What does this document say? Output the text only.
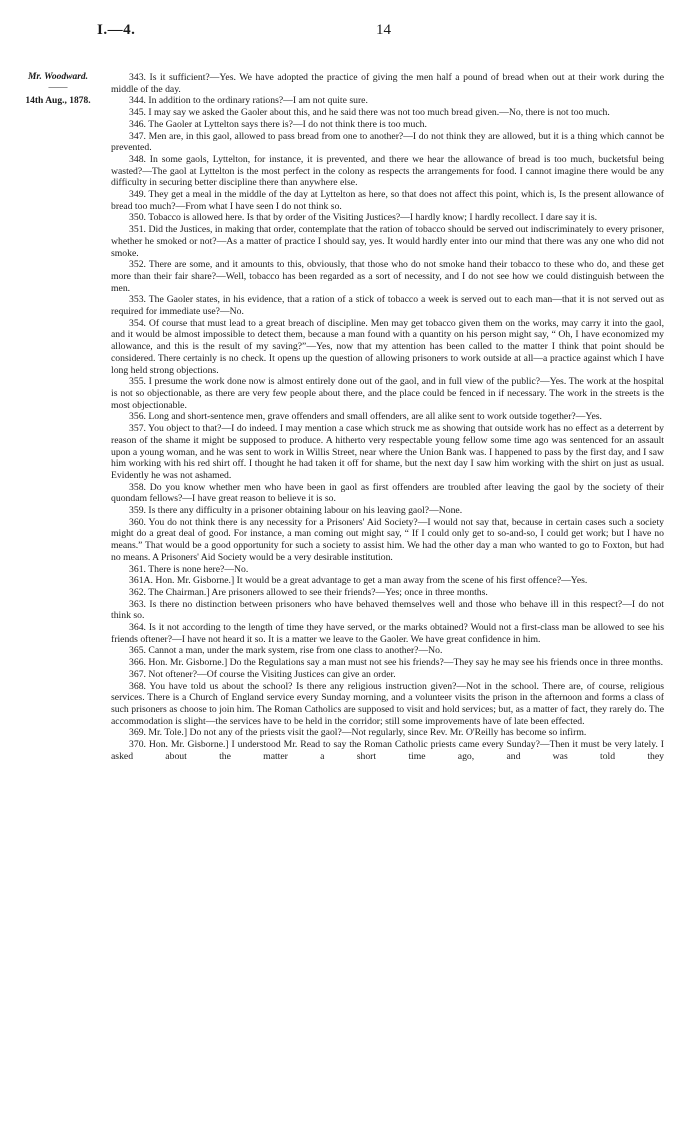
I.—4.	14
Mr. Woodward.
——
14th Aug., 1878.

343. Is it sufficient?—Yes. We have adopted the practice of giving the men half a pound of bread when out at their work during the middle of the day.

344. In addition to the ordinary rations?—I am not quite sure.

345. I may say we asked the Gaoler about this, and he said there was not too much bread given.—No, there is not too much.

346. The Gaoler at Lyttelton says there is?—I do not think there is too much.

347. Men are, in this gaol, allowed to pass bread from one to another?—I do not think they are allowed, but it is a thing which cannot be prevented.

348. In some gaols, Lyttelton, for instance, it is prevented, and there we hear the allowance of bread is too much, bucketsful being wasted?—The gaol at Lyttelton is the most perfect in the colony as respects the arrangements for food. I cannot imagine there would be any difficulty in securing better discipline there than anywhere else.

349. They get a meal in the middle of the day at Lyttelton as here, so that does not affect this point, which is, Is the present allowance of bread too much?—From what I have seen I do not think so.

350. Tobacco is allowed here. Is that by order of the Visiting Justices?—I hardly know; I hardly recollect. I dare say it is.

351. Did the Justices, in making that order, contemplate that the ration of tobacco should be served out indiscriminately to every prisoner, whether he smoked or not?—As a matter of practice I should say, yes. It would hardly enter into our mind that there was any one who did not smoke.

352. There are some, and it amounts to this, obviously, that those who do not smoke hand their tobacco to these who do, and these get more than their fair share?—Well, tobacco has been regarded as a sort of necessity, and I do not see how we could distinguish between the men.

353. The Gaoler states, in his evidence, that a ration of a stick of tobacco a week is served out to each man—that it is not served out as required for immediate use?—No.

354. Of course that must lead to a great breach of discipline. Men may get tobacco given them on the works, may carry it into the gaol, and it would be almost impossible to detect them, because a man found with a quantity on his person might say, “ Oh, I have economized my allowance, and this is the result of my saving?”—Yes, now that my attention has been called to the matter I think that point should be considered. There certainly is no check. It opens up the question of allowing prisoners to work outside at all—a practice against which I have long held strong objections.

355. I presume the work done now is almost entirely done out of the gaol, and in full view of the public?—Yes. The work at the hospital is not so objectionable, as there are very few people about there, and the place could be fenced in if necessary. The work in the streets is the most objectionable.

356. Long and short-sentence men, grave offenders and small offenders, are all alike sent to work outside together?—Yes.

357. You object to that?—I do indeed. I may mention a case which struck me as showing that outside work has no effect as a deterrent by reason of the shame it might be supposed to produce. A hitherto very respectable young fellow some time ago was sentenced for an assault upon a young woman, and he was sent to work in Willis Street, near where the Union Bank was. I happened to pass by the first day, and I saw him working with his red shirt off. I thought he had taken it off for shame, but the next day I saw him working with the shirt on just as usual. Evidently he was not ashamed.

358. Do you know whether men who have been in gaol as first offenders are troubled after leaving the gaol by the society of their quondam fellows?—I have great reason to believe it is so.

359. Is there any difficulty in a prisoner obtaining labour on his leaving gaol?—None.

360. You do not think there is any necessity for a Prisoners' Aid Society?—I would not say that, because in certain cases such a society might do a great deal of good. For instance, a man coming out might say, “ If I could only get to so-and-so, I could get work; but I have no means.” That would be a good opportunity for such a society to assist him. We had the other day a man who wanted to go to Foxton, but had no means. A Prisoners' Aid Society would be a very desirable institution.

361. There is none here?—No.

361A. Hon. Mr. Gisborne.] It would be a great advantage to get a man away from the scene of his first offence?—Yes.

362. The Chairman.] Are prisoners allowed to see their friends?—Yes; once in three months.

363. Is there no distinction between prisoners who have behaved themselves well and those who behave ill in this respect?—I do not think so.

364. Is it not according to the length of time they have served, or the marks obtained? Would not a first-class man be allowed to see his friends oftener?—I have not heard it so. It is a matter we leave to the Gaoler. We have great confidence in him.

365. Cannot a man, under the mark system, rise from one class to another?—No.

366. Hon. Mr. Gisborne.] Do the Regulations say a man must not see his friends?—They say he may see his friends once in three months.

367. Not oftener?—Of course the Visiting Justices can give an order.

368. You have told us about the school? Is there any religious instruction given?—Not in the school. There are, of course, religious services. There is a Church of England service every Sunday morning, and a volunteer visits the prison in the afternoon and forms a class of such prisoners as choose to join him. The Roman Catholics are supposed to visit and hold services; but, as a matter of fact, they rarely do. The accommodation is slight—the services have to be held in the corridor; still some improvements have of late been effected.

369. Mr. Tole.] Do not any of the priests visit the gaol?—Not regularly, since Rev. Mr. O'Reilly has become so infirm.

370. Hon. Mr. Gisborne.] I understood Mr. Read to say the Roman Catholic priests came every Sunday?—Then it must be very lately. I asked about the matter a short time ago, and was told they
